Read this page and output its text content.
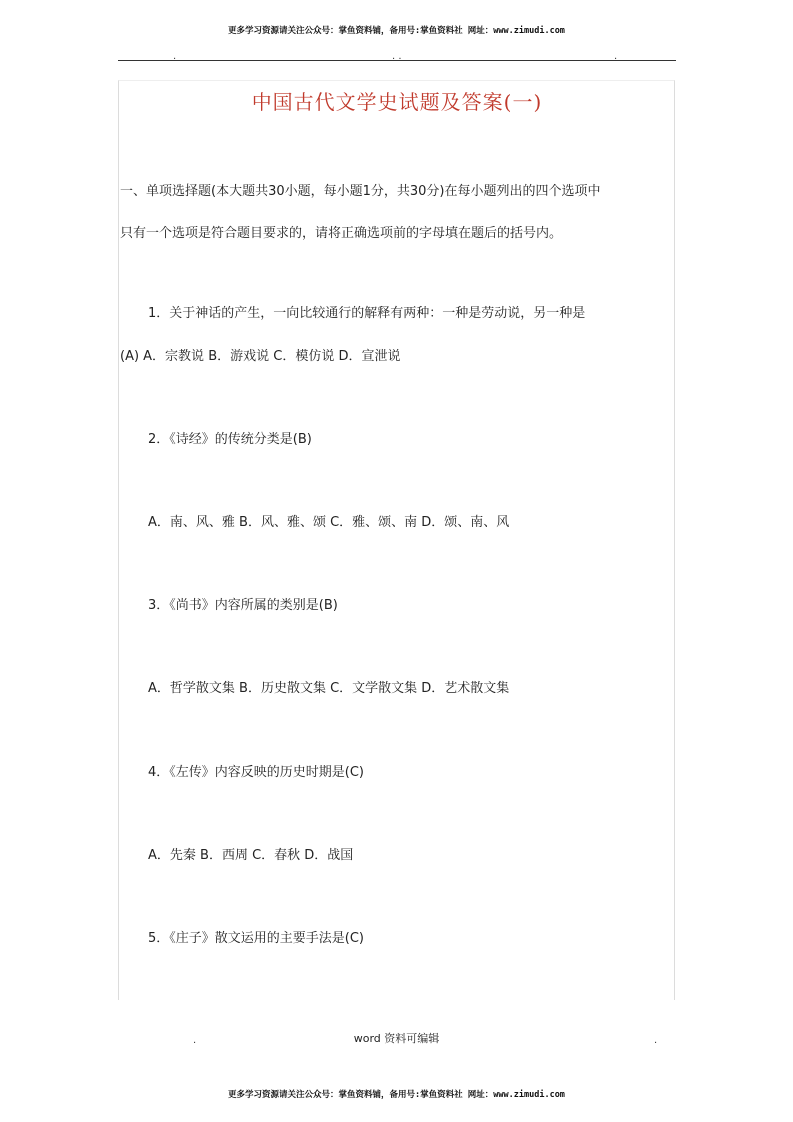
更多学习资源请关注公众号：掌鱼资料铺，备用号:掌鱼资料社 网址：www.zimudi.com
.	. .	.
中国古代文学史试题及答案(一)
一、单项选择题(本大题共30小题，每小题1分，共30分)在每小题列出的四个选项中
只有一个选项是符合题目要求的，请将正确选项前的字母填在题后的括号内。
1．关于神话的产生，一向比较通行的解释有两种：一种是劳动说，另一种是
(A) A．宗教说 B．游戏说 C．模仿说 D．宣泄说
2．《诗经》的传统分类是(B)
A．南、风、雅 B．风、雅、颂 C．雅、颂、南 D．颂、南、风
3．《尚书》内容所属的类别是(B)
A．哲学散文集 B．历史散文集 C．文学散文集 D．艺术散文集
4．《左传》内容反映的历史时期是(C)
A．先秦 B．西周 C．春秋 D．战国
5．《庄子》散文运用的主要手法是(C)
.	word 资料可编辑	.
更多学习资源请关注公众号：掌鱼资料铺，备用号:掌鱼资料社 网址：www.zimudi.com
